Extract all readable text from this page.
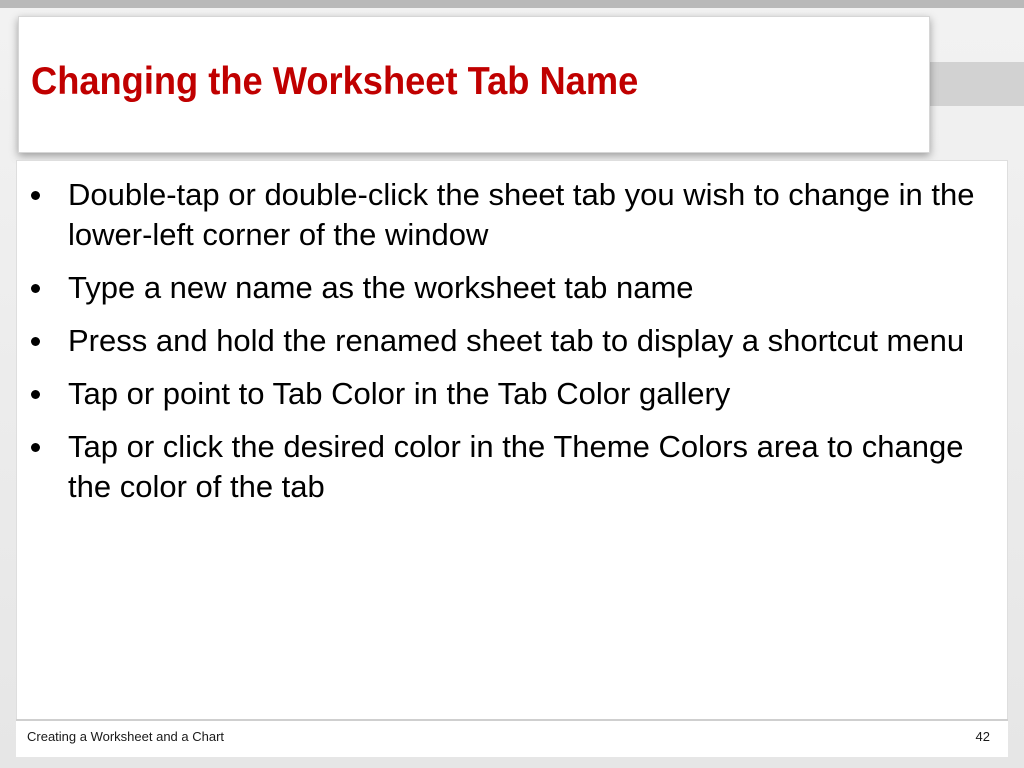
Changing the Worksheet Tab Name
Double-tap or double-click the sheet tab you wish to change in the lower-left corner of the window
Type a new name as the worksheet tab name
Press and hold the renamed sheet tab to display a shortcut menu
Tap or point to Tab Color in the Tab Color gallery
Tap or click the desired color in the Theme Colors area to change the color of the tab
Creating a Worksheet and a Chart	42
